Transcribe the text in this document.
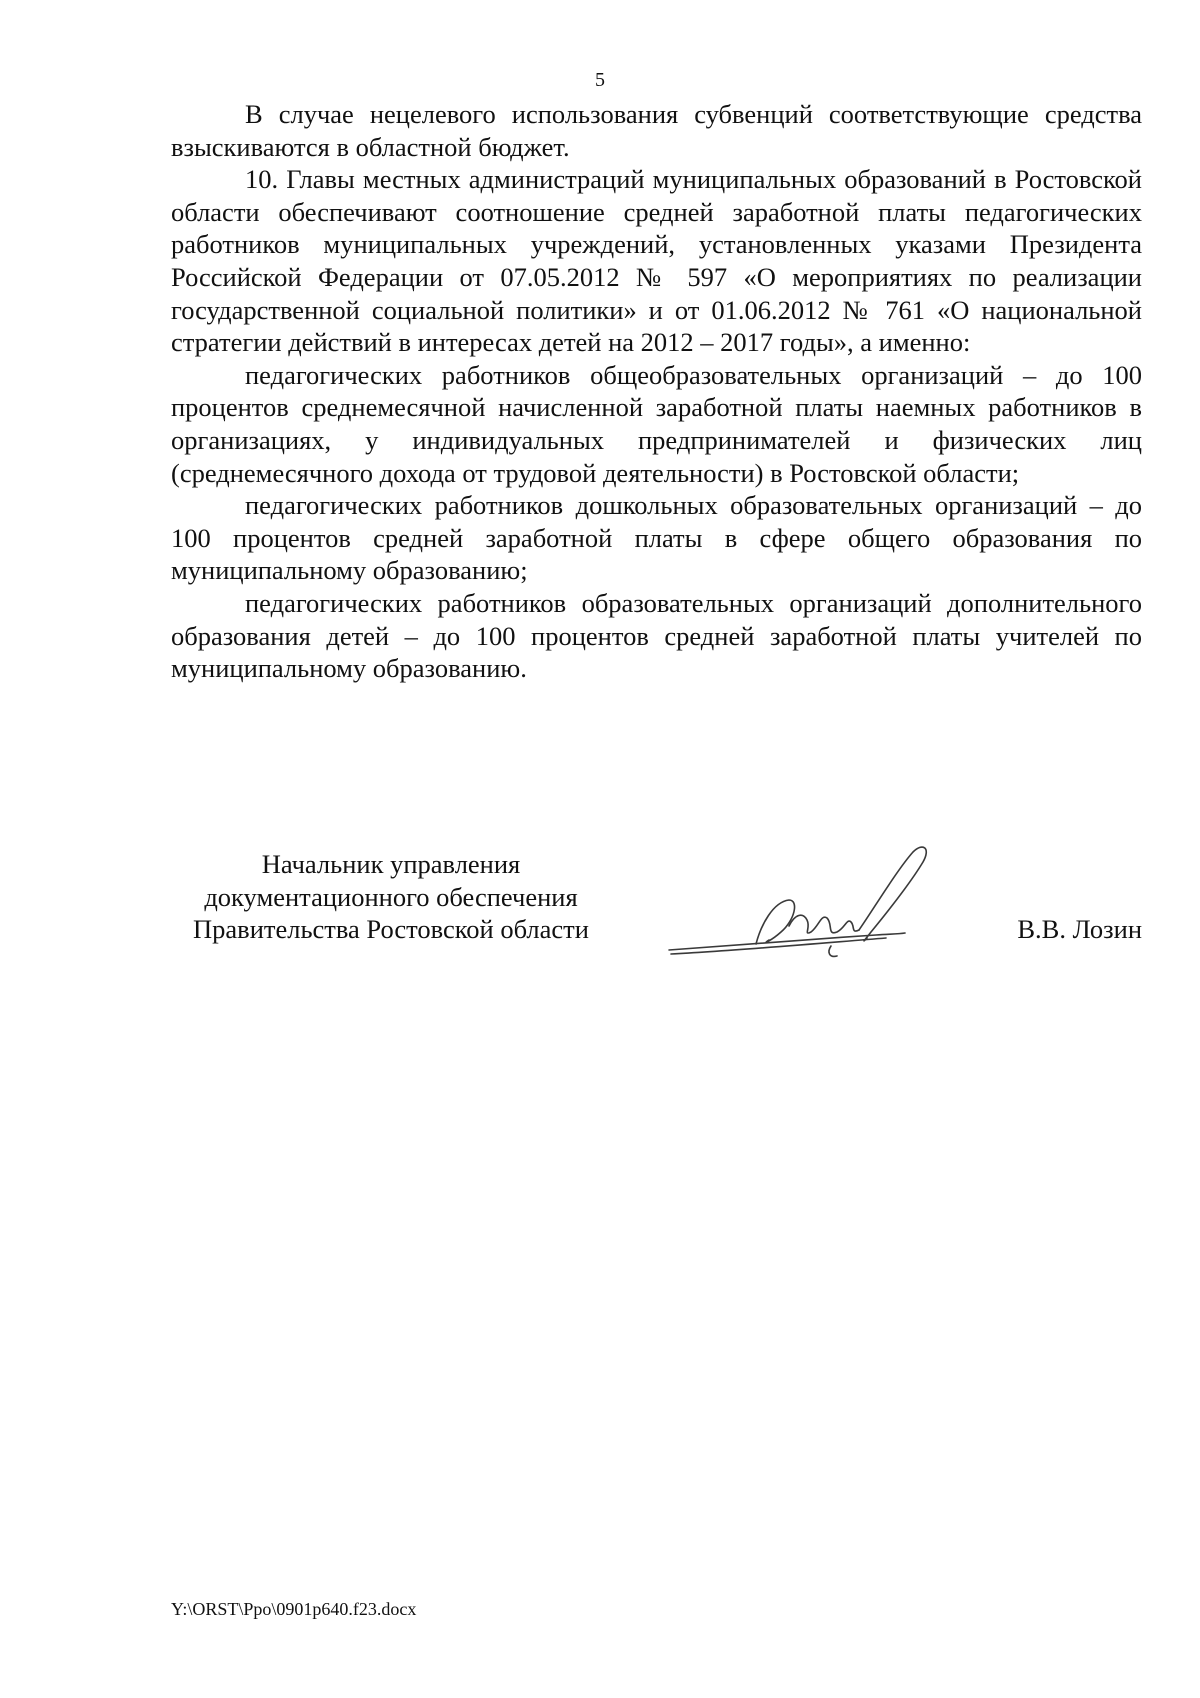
5

В случае нецелевого использования субвенций соответствующие средства взыскиваются в областной бюджет.

10. Главы местных администраций муниципальных образований в Ростовской области обеспечивают соотношение средней заработной платы педагогических работников муниципальных учреждений, установленных указами Президента Российской Федерации от 07.05.2012 № 597 «О мероприятиях по реализации государственной социальной политики» и от 01.06.2012 № 761 «О национальной стратегии действий в интересах детей на 2012 – 2017 годы», а именно:

педагогических работников общеобразовательных организаций – до 100 процентов среднемесячной начисленной заработной платы наемных работников в организациях, у индивидуальных предпринимателей и физических лиц (среднемесячного дохода от трудовой деятельности) в Ростовской области;

педагогических работников дошкольных образовательных организаций – до 100 процентов средней заработной платы в сфере общего образования по муниципальному образованию;

педагогических работников образовательных организаций дополнительного образования детей – до 100 процентов средней заработной платы учителей по муниципальному образованию.

Начальник управления
документационного обеспечения
Правительства Ростовской области	В.В. Лозин
Y:\ORST\Ppo\0901p640.f23.docx
